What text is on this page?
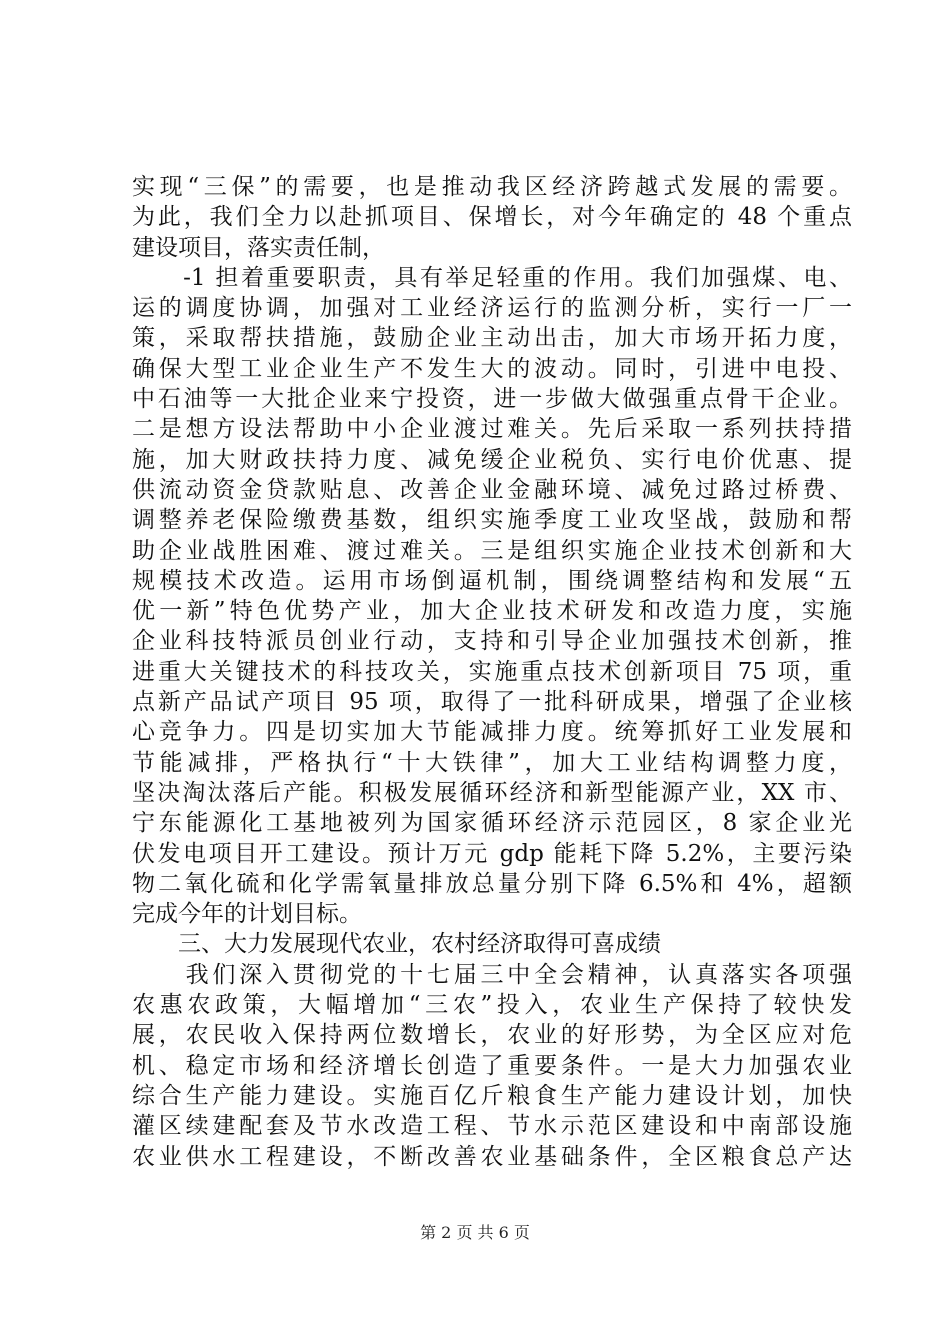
实现“三保”的需要，也是推动我区经济跨越式发展的需要。
为此，我们全力以赴抓项目、保增长，对今年确定的 48 个重点
建设项目，落实责任制，
　　-1 担着重要职责，具有举足轻重的作用。我们加强煤、电、
运的调度协调，加强对工业经济运行的监测分析，实行一厂一
策，采取帮扶措施，鼓励企业主动出击，加大市场开拓力度，
确保大型工业企业生产不发生大的波动。同时，引进中电投、
中石油等一大批企业来宁投资，进一步做大做强重点骨干企业。
二是想方设法帮助中小企业渡过难关。先后采取一系列扶持措
施，加大财政扶持力度、减免缓企业税负、实行电价优惠、提
供流动资金贷款贴息、改善企业金融环境、减免过路过桥费、
调整养老保险缴费基数，组织实施季度工业攻坚战，鼓励和帮
助企业战胜困难、渡过难关。三是组织实施企业技术创新和大
规模技术改造。运用市场倒逼机制，围绕调整结构和发展“五
优一新”特色优势产业，加大企业技术研发和改造力度，实施
企业科技特派员创业行动，支持和引导企业加强技术创新，推
进重大关键技术的科技攻关，实施重点技术创新项目 75 项，重
点新产品试产项目 95 项，取得了一批科研成果，增强了企业核
心竞争力。四是切实加大节能减排力度。统筹抓好工业发展和
节能减排，严格执行“十大铁律”，加大工业结构调整力度，
坚决淘汰落后产能。积极发展循环经济和新型能源产业，XX 市、
宁东能源化工基地被列为国家循环经济示范园区，8 家企业光
伏发电项目开工建设。预计万元 gdp 能耗下降 5.2%，主要污染
物二氧化硫和化学需氧量排放总量分别下降 6.5%和 4%，超额
完成今年的计划目标。
　　三、大力发展现代农业，农村经济取得可喜成绩
　　我们深入贯彻党的十七届三中全会精神，认真落实各项强
农惠农政策，大幅增加“三农”投入，农业生产保持了较快发
展，农民收入保持两位数增长，农业的好形势，为全区应对危
机、稳定市场和经济增长创造了重要条件。一是大力加强农业
综合生产能力建设。实施百亿斤粮食生产能力建设计划，加快
灌区续建配套及节水改造工程、节水示范区建设和中南部设施
农业供水工程建设，不断改善农业基础条件，全区粮食总产达
第 2 页 共 6 页
